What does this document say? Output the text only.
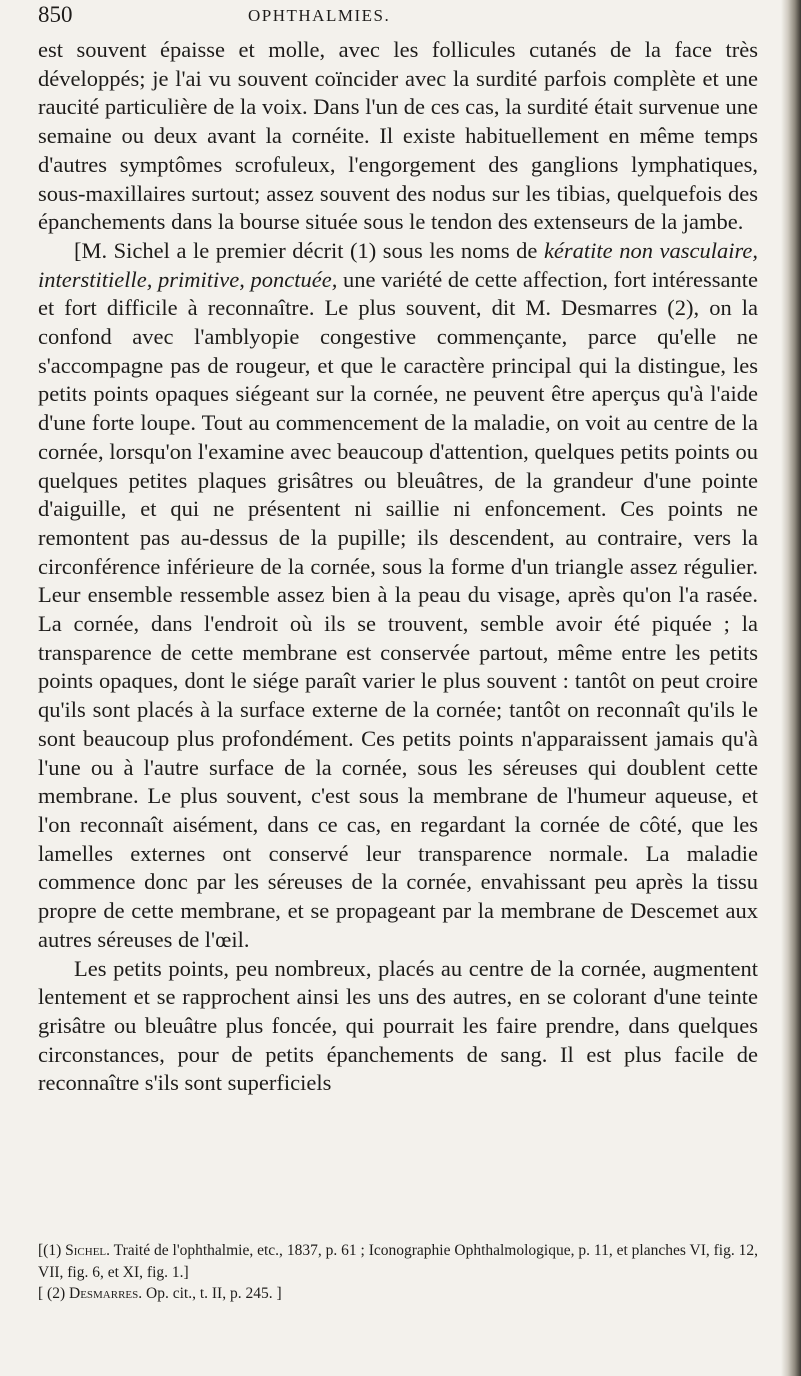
850	OPHTHALMIES.

est souvent épaisse et molle, avec les follicules cutanés de la face très développés; je l'ai vu souvent coïncider avec la surdité parfois complète et une raucité particulière de la voix. Dans l'un de ces cas, la surdité était survenue une semaine ou deux avant la cornéite. Il existe habituellement en même temps d'autres symptômes scrofuleux, l'engorgement des ganglions lymphatiques, sous-maxillaires surtout; assez souvent des nodus sur les tibias, quelquefois des épanchements dans la bourse située sous le tendon des extenseurs de la jambe.

[M. Sichel a le premier décrit (1) sous les noms de kératite non vasculaire, interstitielle, primitive, ponctuée, une variété de cette affection, fort intéressante et fort difficile à reconnaître. Le plus souvent, dit M. Desmarres (2), on la confond avec l'amblyopie congestive commençante, parce qu'elle ne s'accompagne pas de rougeur, et que le caractère principal qui la distingue, les petits points opaques siégeant sur la cornée, ne peuvent être aperçus qu'à l'aide d'une forte loupe. Tout au commencement de la maladie, on voit au centre de la cornée, lorsqu'on l'examine avec beaucoup d'attention, quelques petits points ou quelques petites plaques grisâtres ou bleuâtres, de la grandeur d'une pointe d'aiguille, et qui ne présentent ni saillie ni enfoncement. Ces points ne remontent pas au-dessus de la pupille; ils descendent, au contraire, vers la circonférence inférieure de la cornée, sous la forme d'un triangle assez régulier. Leur ensemble ressemble assez bien à la peau du visage, après qu'on l'a rasée. La cornée, dans l'endroit où ils se trouvent, semble avoir été piquée ; la transparence de cette membrane est conservée partout, même entre les petits points opaques, dont le siége paraît varier le plus souvent : tantôt on peut croire qu'ils sont placés à la surface externe de la cornée; tantôt on reconnaît qu'ils le sont beaucoup plus profondément. Ces petits points n'apparaissent jamais qu'à l'une ou à l'autre surface de la cornée, sous les séreuses qui doublent cette membrane. Le plus souvent, c'est sous la membrane de l'humeur aqueuse, et l'on reconnaît aisément, dans ce cas, en regardant la cornée de côté, que les lamelles externes ont conservé leur transparence normale. La maladie commence donc par les séreuses de la cornée, envahissant peu après la tissu propre de cette membrane, et se propageant par la membrane de Descemet aux autres séreuses de l'œil.

Les petits points, peu nombreux, placés au centre de la cornée, augmentent lentement et se rapprochent ainsi les uns des autres, en se colorant d'une teinte grisâtre ou bleuâtre plus foncée, qui pourrait les faire prendre, dans quelques circonstances, pour de petits épanchements de sang. Il est plus facile de reconnaître s'ils sont superficiels

[(1) Sichel. Traité de l'ophthalmie, etc., 1837, p. 61 ; Iconographie Ophthalmologique, p. 11, et planches VI, fig. 12, VII, fig. 6, et XI, fig. 1.]

[ (2) Desmarres. Op. cit., t. II, p. 245. ]
